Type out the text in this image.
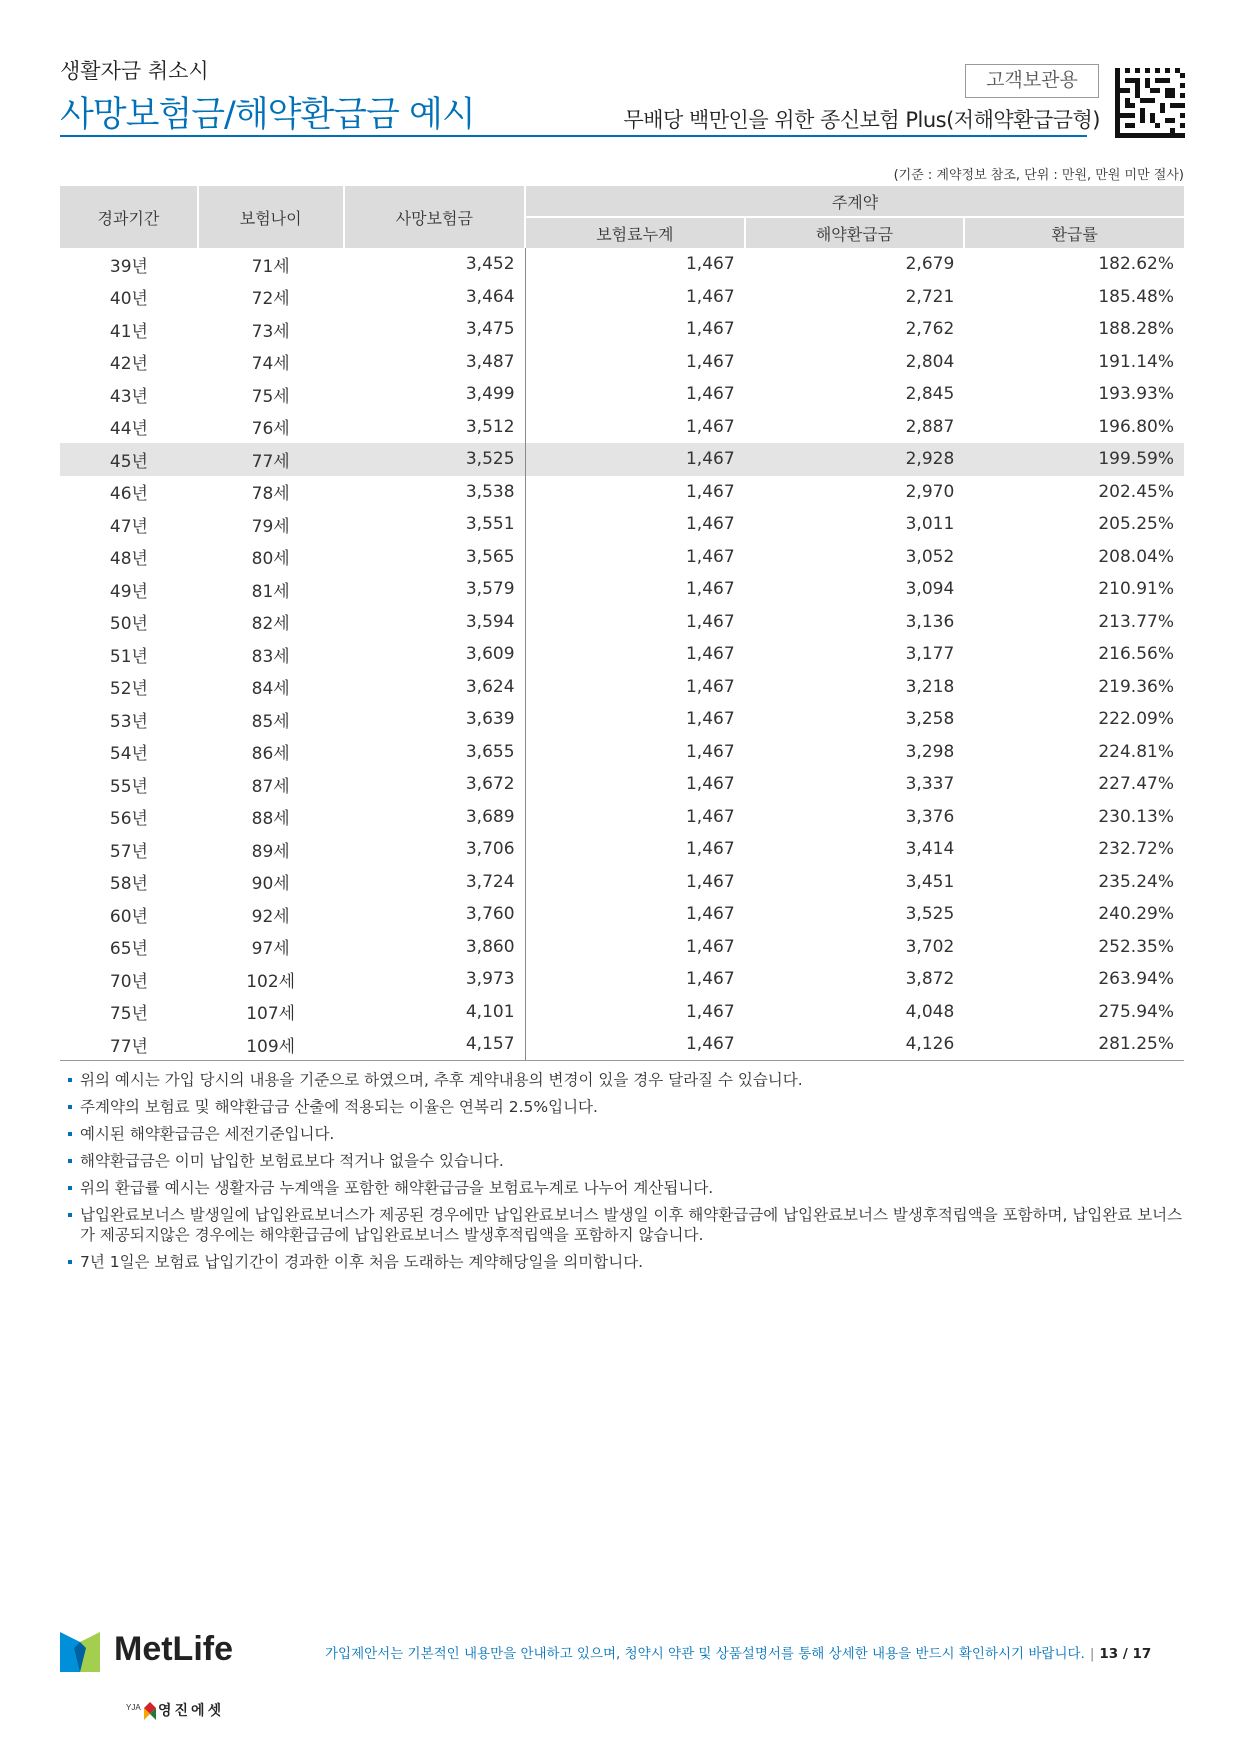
생활자금 취소시
사망보험금/해약환급금 예시
고객보관용
무배당 백만인을 위한 종신보험 Plus(저해약환급금형)
(기준 : 계약정보 참조, 단위 : 만원, 만원 미만 절사)
경과기간	보험나이	사망보험금	주계약		
			보험료누계	해약환급금	환급률
39년	71세	3,452	1,467	2,679	182.62%
40년	72세	3,464	1,467	2,721	185.48%
41년	73세	3,475	1,467	2,762	188.28%
42년	74세	3,487	1,467	2,804	191.14%
43년	75세	3,499	1,467	2,845	193.93%
44년	76세	3,512	1,467	2,887	196.80%
45년	77세	3,525	1,467	2,928	199.59%
46년	78세	3,538	1,467	2,970	202.45%
47년	79세	3,551	1,467	3,011	205.25%
48년	80세	3,565	1,467	3,052	208.04%
49년	81세	3,579	1,467	3,094	210.91%
50년	82세	3,594	1,467	3,136	213.77%
51년	83세	3,609	1,467	3,177	216.56%
52년	84세	3,624	1,467	3,218	219.36%
53년	85세	3,639	1,467	3,258	222.09%
54년	86세	3,655	1,467	3,298	224.81%
55년	87세	3,672	1,467	3,337	227.47%
56년	88세	3,689	1,467	3,376	230.13%
57년	89세	3,706	1,467	3,414	232.72%
58년	90세	3,724	1,467	3,451	235.24%
60년	92세	3,760	1,467	3,525	240.29%
65년	97세	3,860	1,467	3,702	252.35%
70년	102세	3,973	1,467	3,872	263.94%
75년	107세	4,101	1,467	4,048	275.94%
77년	109세	4,157	1,467	4,126	281.25%
위의 예시는 가입 당시의 내용을 기준으로 하였으며, 추후 계약내용의 변경이 있을 경우 달라질 수 있습니다.
주계약의 보험료 및 해약환급금 산출에 적용되는 이율은 연복리 2.5%입니다.
예시된 해약환급금은 세전기준입니다.
해약환급금은 이미 납입한 보험료보다 적거나 없을수 있습니다.
위의 환급률 예시는 생활자금 누계액을 포함한 해약환급금을 보험료누계로 나누어 계산됩니다.
납입완료보너스 발생일에 납입완료보너스가 제공된 경우에만 납입완료보너스 발생일 이후 해약환급금에 납입완료보너스 발생후적립액을 포함하며, 납입완료 보너스가 제공되지않은 경우에는 해약환급금에 납입완료보너스 발생후적립액을 포함하지 않습니다.
7년 1일은 보험료 납입기간이 경과한 이후 처음 도래하는 계약해당일을 의미합니다.
MetLife
YJA 영진에셋
가입제안서는 기본적인 내용만을 안내하고 있으며, 청약시 약관 및 상품설명서를 통해 상세한 내용을 반드시 확인하시기 바랍니다. | 13 / 17
